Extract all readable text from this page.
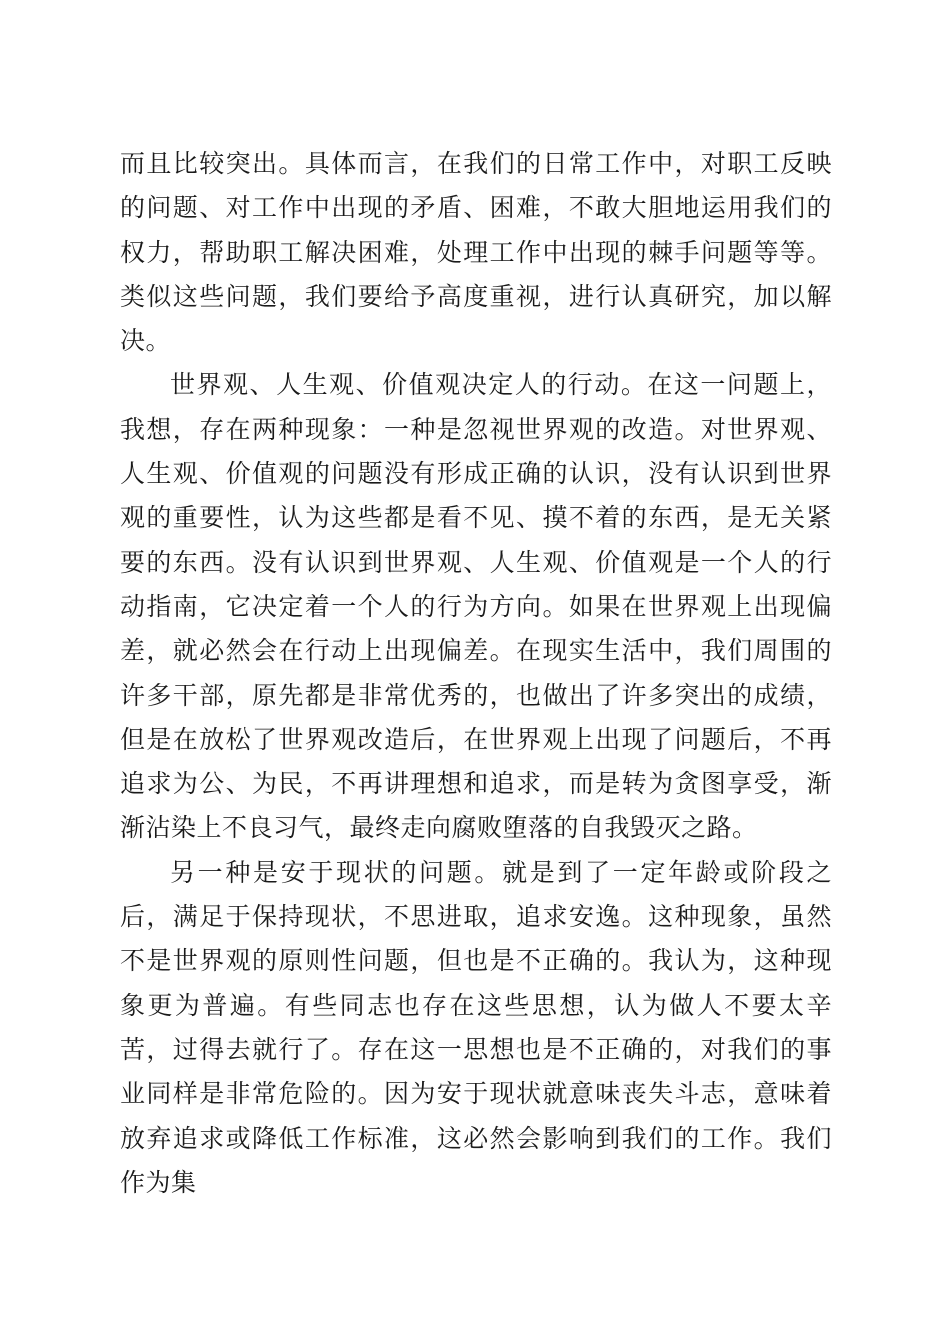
而且比较突出。具体而言，在我们的日常工作中，对职工反映的问题、对工作中出现的矛盾、困难，不敢大胆地运用我们的权力，帮助职工解决困难，处理工作中出现的棘手问题等等。类似这些问题，我们要给予高度重视，进行认真研究，加以解决。

世界观、人生观、价值观决定人的行动。在这一问题上，我想，存在两种现象：一种是忽视世界观的改造。对世界观、人生观、价值观的问题没有形成正确的认识，没有认识到世界观的重要性，认为这些都是看不见、摸不着的东西，是无关紧要的东西。没有认识到世界观、人生观、价值观是一个人的行动指南，它决定着一个人的行为方向。如果在世界观上出现偏差，就必然会在行动上出现偏差。在现实生活中，我们周围的许多干部，原先都是非常优秀的，也做出了许多突出的成绩，但是在放松了世界观改造后，在世界观上出现了问题后，不再追求为公、为民，不再讲理想和追求，而是转为贪图享受，渐渐沾染上不良习气，最终走向腐败堕落的自我毁灭之路。

另一种是安于现状的问题。就是到了一定年龄或阶段之后，满足于保持现状，不思进取，追求安逸。这种现象，虽然不是世界观的原则性问题，但也是不正确的。我认为，这种现象更为普遍。有些同志也存在这些思想，认为做人不要太辛苦，过得去就行了。存在这一思想也是不正确的，对我们的事业同样是非常危险的。因为安于现状就意味丧失斗志，意味着放弃追求或降低工作标准，这必然会影响到我们的工作。我们作为集
